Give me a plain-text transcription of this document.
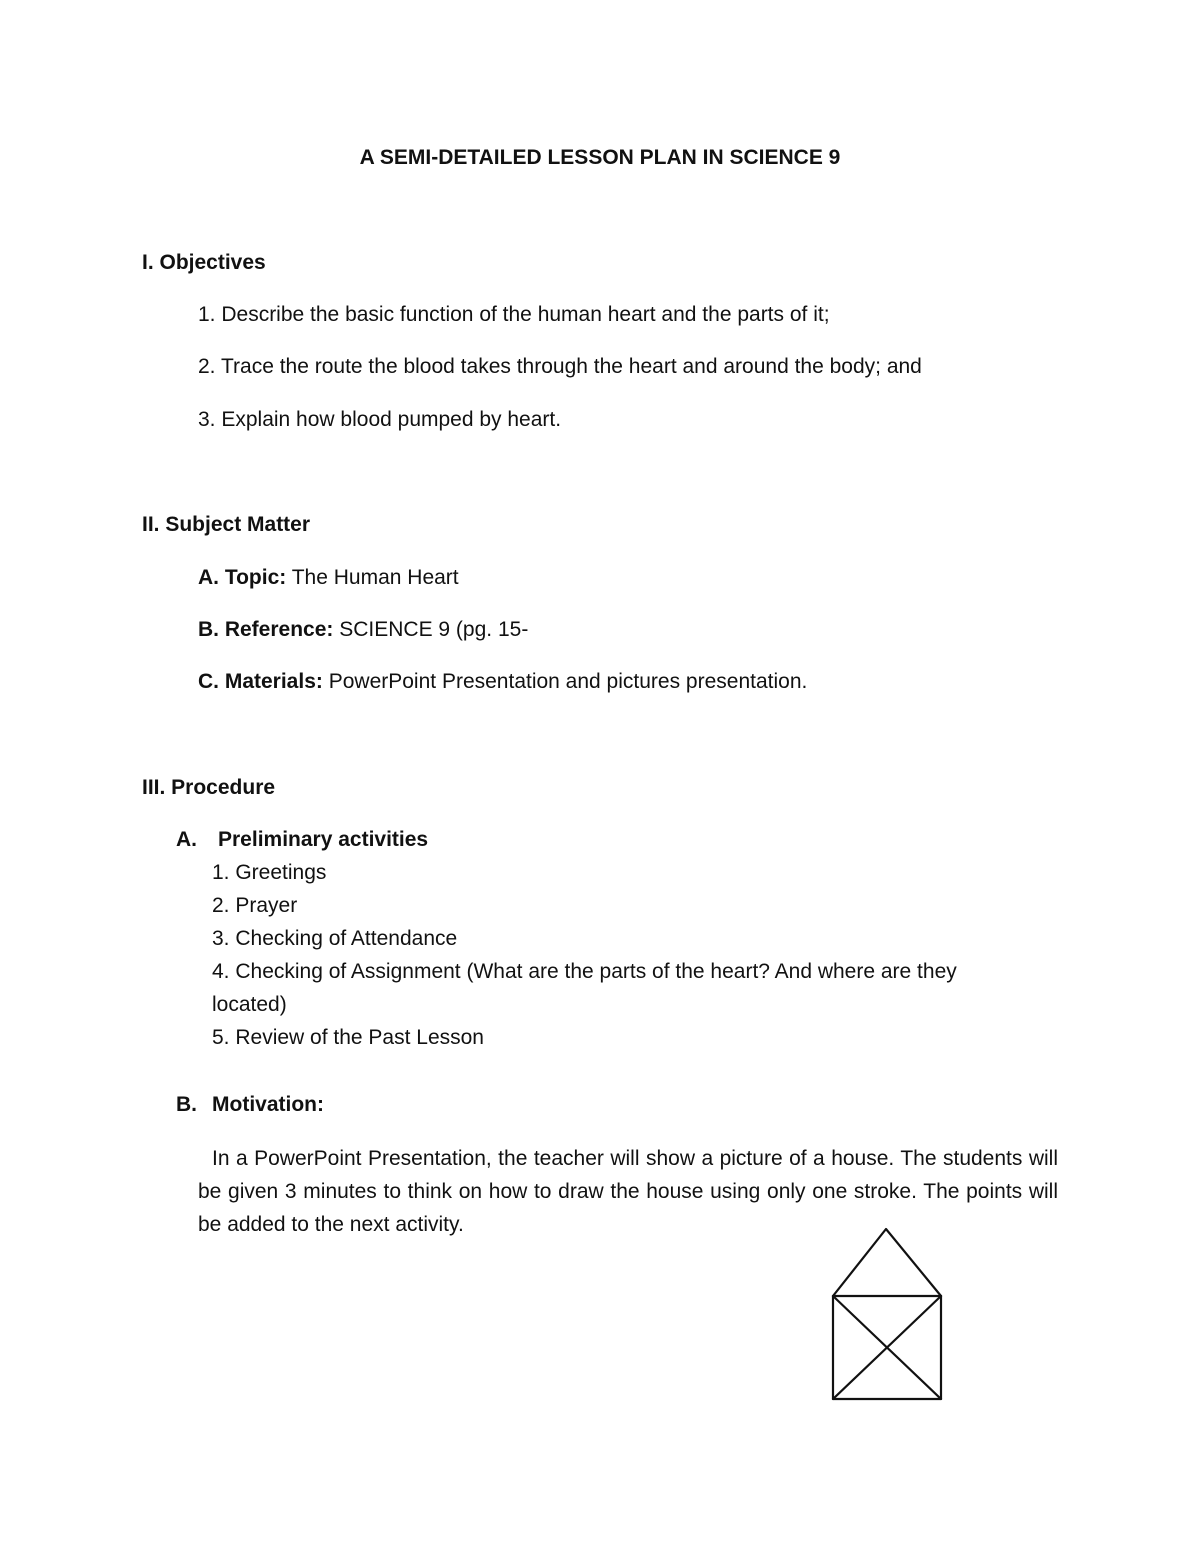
A SEMI-DETAILED LESSON PLAN IN SCIENCE 9
I. Objectives
1. Describe the basic function of the human heart and the parts of it;
2. Trace the route the blood takes through the heart and around the body; and
3. Explain how blood pumped by heart.
II. Subject Matter
A. Topic: The Human Heart
B. Reference: SCIENCE 9 (pg. 15-
C. Materials: PowerPoint Presentation and pictures presentation.
III. Procedure
A. Preliminary activities
1. Greetings
2. Prayer
3. Checking of Attendance
4. Checking of Assignment (What are the parts of the heart? And where are they
located)
5. Review of the Past Lesson
B. Motivation:
In a PowerPoint Presentation, the teacher will show a picture of a house. The students will be given 3 minutes to think on how to draw the house using only one stroke. The points will be added to the next activity.
